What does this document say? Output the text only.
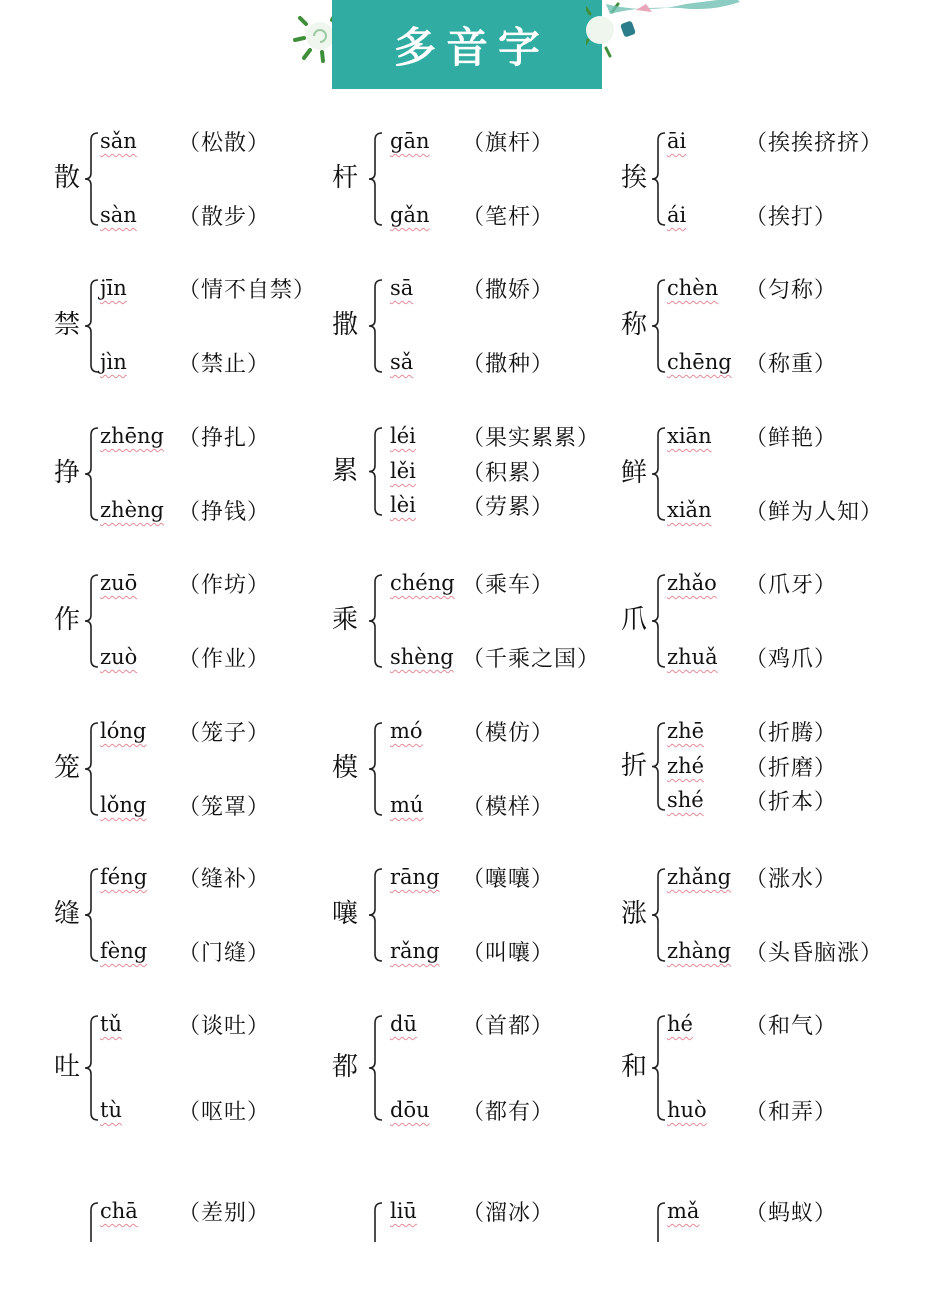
多音字
散
sǎn （松散）
sàn （散步）
杆
gān （旗杆）
gǎn （笔杆）
挨
āi	（挨挨挤挤）
ái	（挨打）
禁
jīn （情不自禁）
jìn （禁止）
撒
sā （撒娇）
sǎ （撒种）
称
chèn （匀称）
chēng （称重）
挣
zhēng （挣扎）
zhèng （挣钱）
累
léi （果实累累）
lěi （积累）
lèi （劳累）
鲜
xiān （鲜艳）
xiǎn （鲜为人知）
作
zuō （作坊）
zuò （作业）
乘
chéng （乘车）
shèng （千乘之国）
爪
zhǎo （爪牙）
zhuǎ （鸡爪）
笼
lóng （笼子）
lǒng （笼罩）
模
mó （模仿）
mú （模样）
折
zhē （折腾）
zhé （折磨）
shé （折本）
缝
féng （缝补）
fèng （门缝）
嚷
rāng （嚷嚷）
rǎng （叫嚷）
涨
zhǎng （涨水）
zhàng （头昏脑涨）
吐
tǔ	（谈吐）
tù	（呕吐）
都
dū （首都）
dōu （都有）
和
hé （和气）
huò （和弄）
chā （差别）	liū （溜冰）	mǎ （蚂蚁）
